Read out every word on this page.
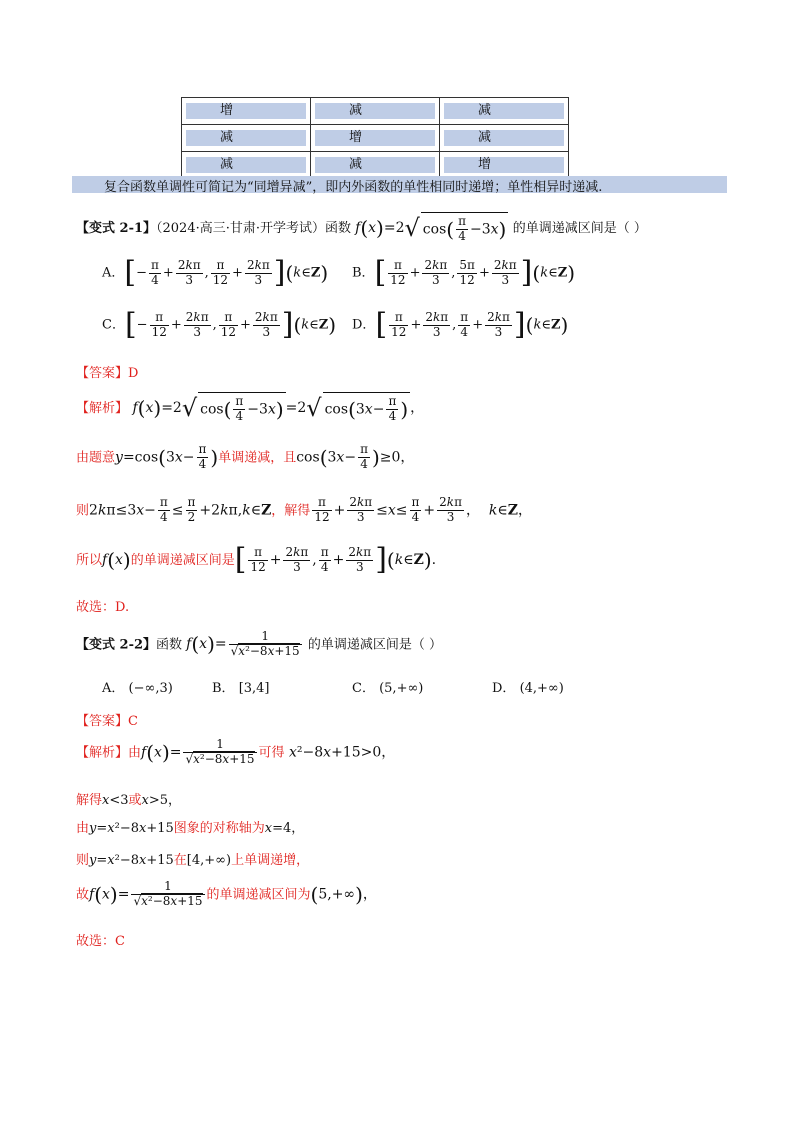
增	减	减

减	增	减

减	减	增
复合函数单调性可简记为“同增异减”，即内外函数的单性相同时递增；单性相异时递减.
【变式 2-1】（2024·高三·甘肃·开学考试）函数 f(x)=2√ $\cos( \frac{\pi}{4} -3x)$ 的单调递减区间是（ ）
A．[− $\frac{\pi}{4} + \frac{2k\pi}{3}$ , $\frac{\pi}{12} + \frac{2k\pi}{3}$ ](k∈Z) B．[ $\frac{\pi}{12} + \frac{2k\pi}{3}$ , $\frac{5\pi}{12} + \frac{2k\pi}{3}$ ](k∈Z)
C．[− $\frac{\pi}{12} + \frac{2k\pi}{3}$ , $\frac{\pi}{12} + \frac{2k\pi}{3}$ ](k∈Z) D．[ $\frac{\pi}{12} + \frac{2k\pi}{3}$ , $\frac{\pi}{4} + \frac{2k\pi}{3}$ ](k∈Z)
【答案】D
【解析】 f(x)=2√ $\cos( \frac{\pi}{4} -3x) =2√$ $\cos(3x- \frac{\pi}{4}$ ) ，
由题意$y=\cos(3x- \frac{\pi}{4}$ )单调递减，且$\cos(3x- \frac{\pi}{4} )\ge 0$，
则$2k\pi\le 3x- \frac{\pi}{4} \le \frac{\pi}{2}$ +2kπ,k∈Z，解得 $\frac{\pi}{12} + \frac{2k\pi}{3} \le x\le \frac{\pi}{4} + \frac{2k\pi}{3}$ ，  k∈Z，
所以f(x)的单调递减区间是[ $\frac{\pi}{12} + \frac{2k\pi}{3}$ , $\frac{\pi}{4} + \frac{2k\pi}{3}$ ](k∈Z).
故选：D.
【变式 2-2】函数 $f(x)= \frac{1}{\text{√x²−8x+15}}$ 的单调递减区间是（ ）
A． (−∞,3)	B． [3,4]	C． (5,+∞)	D． (4,+∞)
【答案】C
【解析】由$f(x)= \frac{1}{\text{√x²−8x+15}}$ 可得 x²−8x+15>0，
解得x<3或x>5，
由y=x²−8x+15图象的对称轴为x=4，
则y=x²−8x+15在[4,+∞)上单调递增，
故$f(x)= \frac{1}{\text{√x²−8x+15}}$ 的单调递减区间为(5,+∞)，
故选：C
